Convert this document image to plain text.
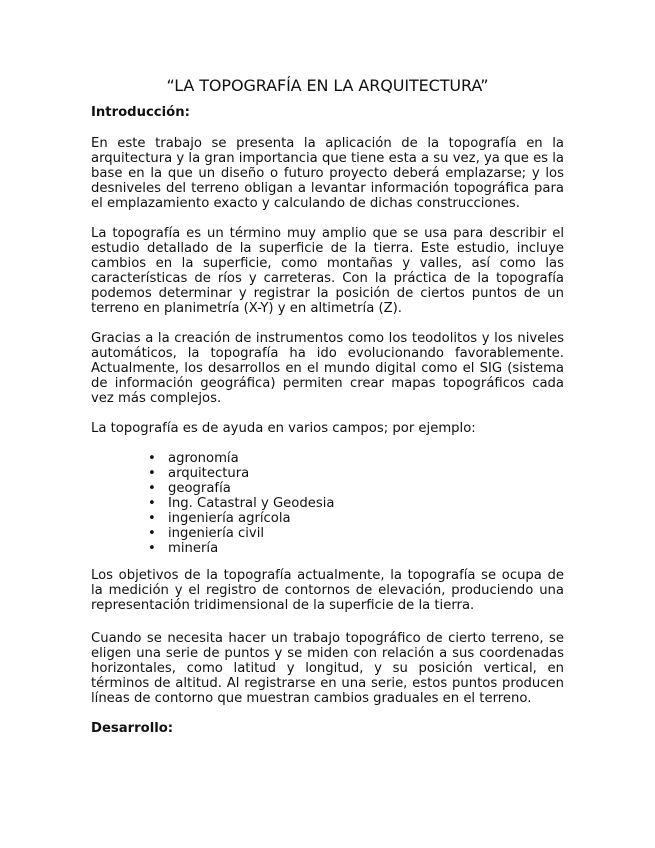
“LA TOPOGRAFÍA EN LA ARQUITECTURA”
Introducción:

En este trabajo se presenta la aplicación de la topografía en la arquitectura y la gran importancia que tiene esta a su vez, ya que es la base en la que un diseño o futuro proyecto deberá emplazarse; y los desniveles del terreno obligan a levantar información topográfica para el emplazamiento exacto y calculando de dichas construcciones.

La topografía es un término muy amplio que se usa para describir el estudio detallado de la superficie de la tierra. Este estudio, incluye cambios en la superficie, como montañas y valles, así como las características de ríos y carreteras. Con la práctica de la topografía podemos determinar y registrar la posición de ciertos puntos de un terreno en planimetría (X-Y) y en altimetría (Z).

Gracias a la creación de instrumentos como los teodolitos y los niveles automáticos, la topografía ha ido evolucionando favorablemente. Actualmente, los desarrollos en el mundo digital como el SIG (sistema de información geográfica) permiten crear mapas topográficos cada vez más complejos.

La topografía es de ayuda en varios campos; por ejemplo:

• agronomía
• arquitectura
• geografía
• Ing. Catastral y Geodesia
• ingeniería agrícola
• ingeniería civil
• minería

Los objetivos de la topografía actualmente, la topografía se ocupa de la medición y el registro de contornos de elevación, produciendo una representación tridimensional de la superficie de la tierra.

Cuando se necesita hacer un trabajo topográfico de cierto terreno, se eligen una serie de puntos y se miden con relación a sus coordenadas horizontales, como latitud y longitud, y su posición vertical, en términos de altitud. Al registrarse en una serie, estos puntos producen líneas de contorno que muestran cambios graduales en el terreno.

Desarrollo:
